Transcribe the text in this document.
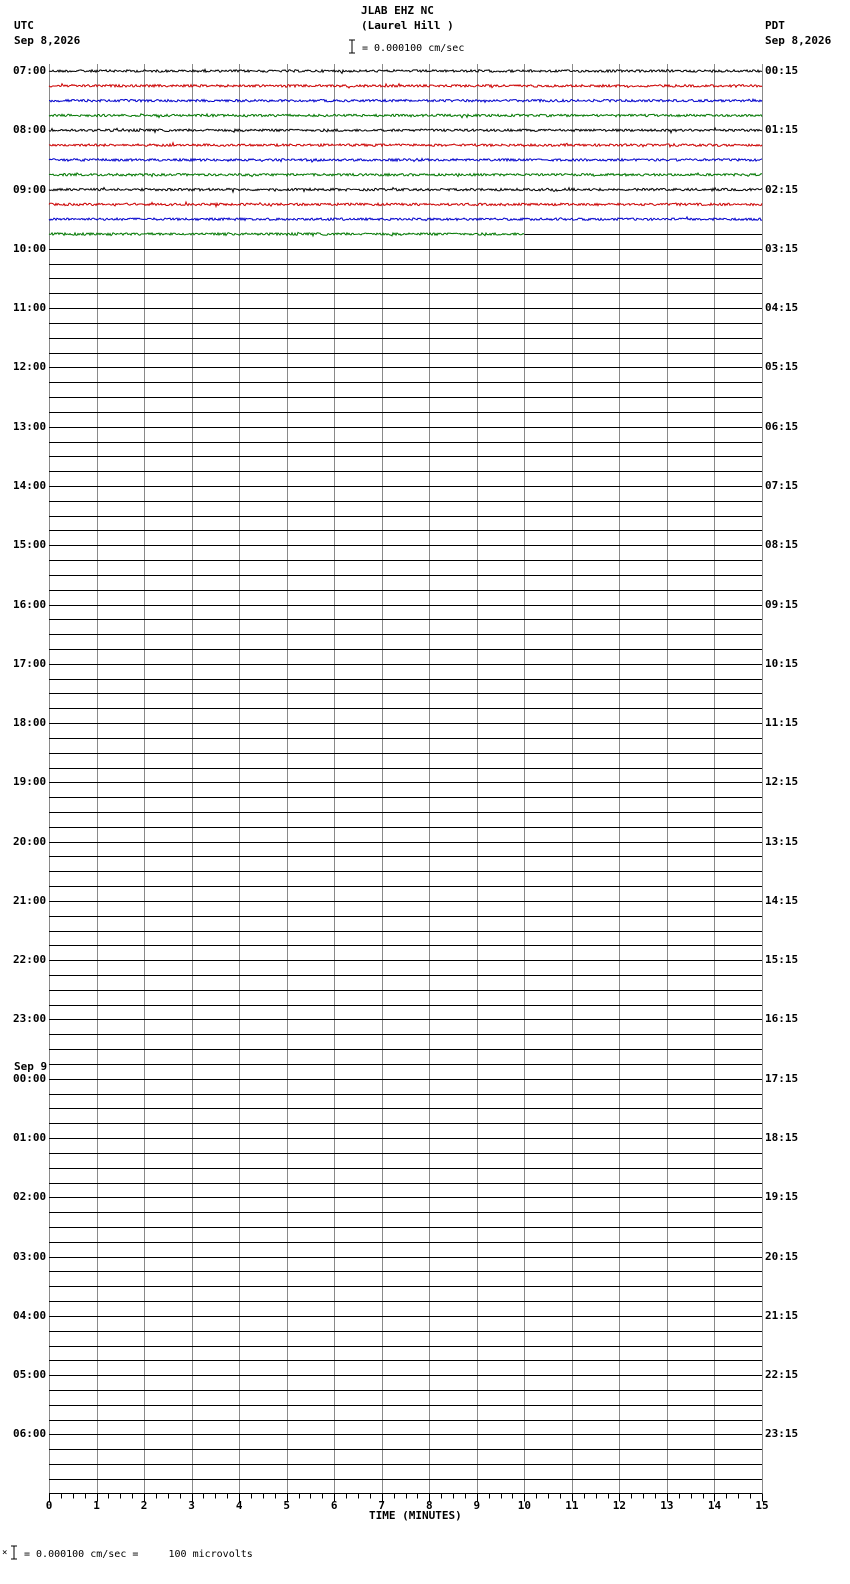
JLAB EHZ NC
(Laurel Hill )
UTC
Sep 8,2026
PDT
Sep 8,2026
= 0.000100 cm/sec
0	1	2	3	4	5	6	7	8	9	10	11	12	13	14	15
07:00
08:00
09:00
10:00
11:00
12:00
13:00
14:00
15:00
16:00
17:00
18:00
19:00
20:00
21:00
22:00
23:00
00:00
01:00
02:00
03:00
04:00
05:00
06:00
00:15
01:15
02:15
03:15
04:15
05:15
06:15
07:15
08:15
09:15
10:15
11:15
12:15
13:15
14:15
15:15
16:15
17:15
18:15
19:15
20:15
21:15
22:15
23:15
Sep 9
TIME (MINUTES)
× = 0.000100 cm/sec =     100 microvolts
